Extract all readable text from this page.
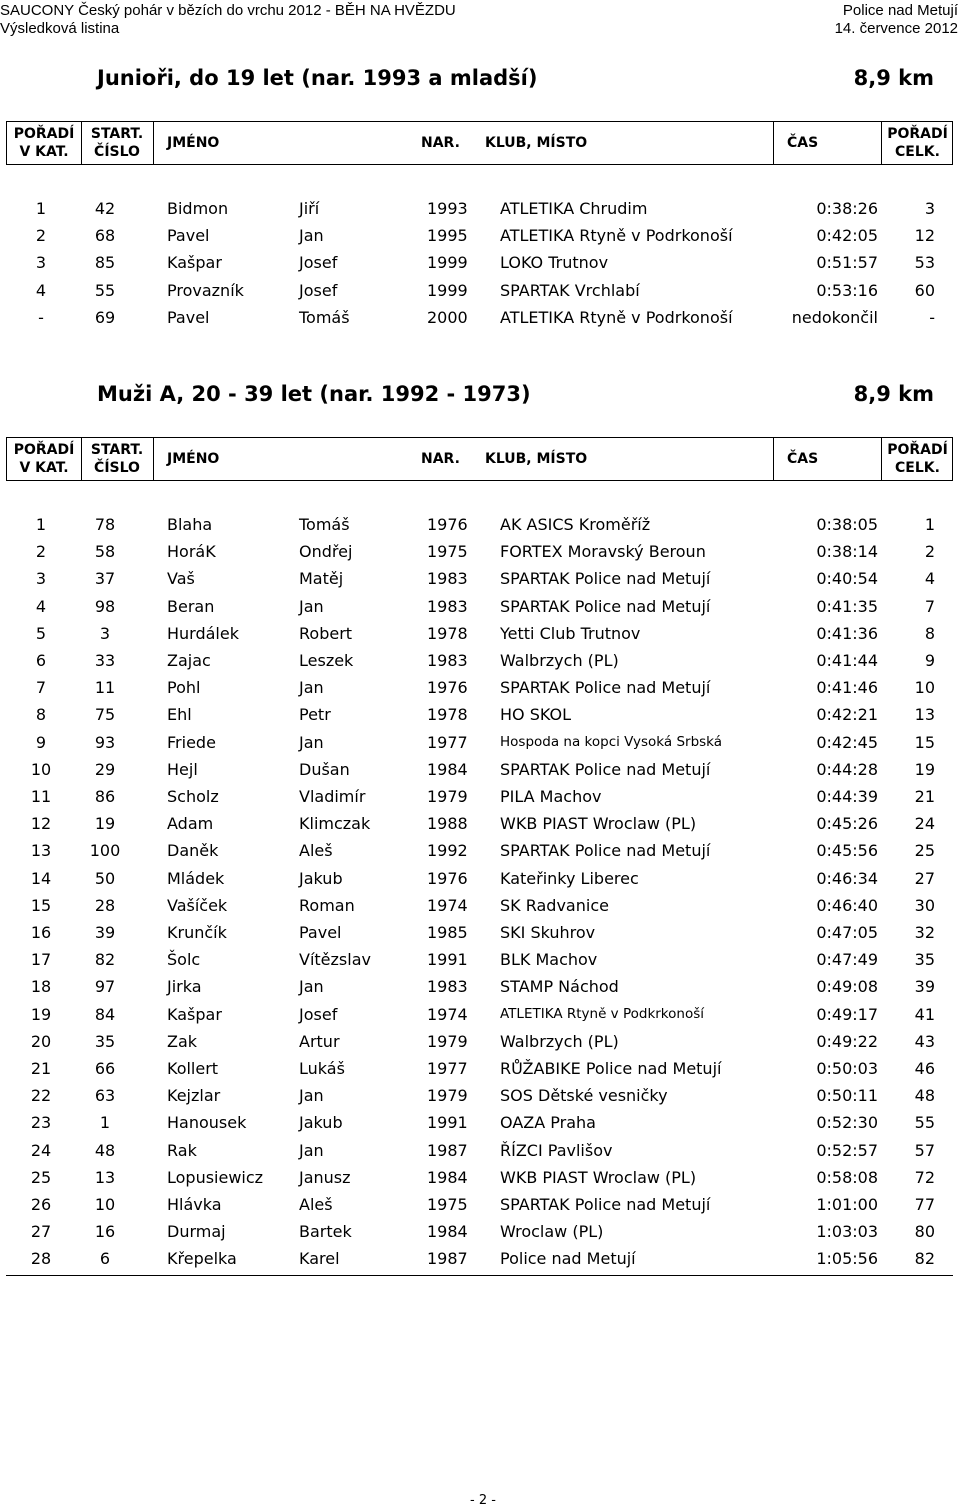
SAUCONY Český pohár v bězích do vrchu 2012 - BĚH NA HVĚZDU
Výsledková listina
Police nad Metují
14. července 2012
Junioři, do 19 let (nar. 1993 a mladší)	8,9 km
POŘADÍ
V KAT.
START.
ČÍSLO
JMÉNO	NAR.	KLUB, MÍSTO	ČAS
POŘADÍ
CELK.
1	42	Bidmon	Jiří	1993	ATLETIKA Chrudim	0:38:26	3
2	68	Pavel	Jan	1995	ATLETIKA Rtyně v Podrkonoší	0:42:05	12
3	85	Kašpar	Josef	1999	LOKO Trutnov	0:51:57	53
4	55	Provazník	Josef	1999	SPARTAK Vrchlabí	0:53:16	60
-	69	Pavel	Tomáš	2000	ATLETIKA Rtyně v Podrkonoší	nedokončil	-
Muži A, 20 - 39 let (nar. 1992 - 1973)	8,9 km
POŘADÍ
V KAT.
START.
ČÍSLO
JMÉNO	NAR.	KLUB, MÍSTO	ČAS
POŘADÍ
CELK.
1	78	Blaha	Tomáš	1976	AK ASICS Kroměříž	0:38:05	1
2	58	HoráK	Ondřej	1975	FORTEX Moravský Beroun	0:38:14	2
3	37	Vaš	Matěj	1983	SPARTAK Police nad Metují	0:40:54	4
4	98	Beran	Jan	1983	SPARTAK Police nad Metují	0:41:35	7
5	3	Hurdálek	Robert	1978	Yetti Club Trutnov	0:41:36	8
6	33	Zajac	Leszek	1983	Walbrzych (PL)	0:41:44	9
7	11	Pohl	Jan	1976	SPARTAK Police nad Metují	0:41:46	10
8	75	Ehl	Petr	1978	HO SKOL	0:42:21	13
9	93	Friede	Jan	1977	Hospoda na kopci Vysoká Srbská	0:42:45	15
10	29	Hejl	Dušan	1984	SPARTAK Police nad Metují	0:44:28	19
11	86	Scholz	Vladimír	1979	PILA Machov	0:44:39	21
12	19	Adam	Klimczak	1988	WKB PIAST Wroclaw (PL)	0:45:26	24
13	100	Daněk	Aleš	1992	SPARTAK Police nad Metují	0:45:56	25
14	50	Mládek	Jakub	1976	Kateřinky Liberec	0:46:34	27
15	28	Vašíček	Roman	1974	SK Radvanice	0:46:40	30
16	39	Krunčík	Pavel	1985	SKI Skuhrov	0:47:05	32
17	82	Šolc	Vítězslav	1991	BLK Machov	0:47:49	35
18	97	Jirka	Jan	1983	STAMP Náchod	0:49:08	39
19	84	Kašpar	Josef	1974	ATLETIKA Rtyně v Podkrkonoší	0:49:17	41
20	35	Zak	Artur	1979	Walbrzych (PL)	0:49:22	43
21	66	Kollert	Lukáš	1977	RŮŽABIKE Police nad Metují	0:50:03	46
22	63	Kejzlar	Jan	1979	SOS Dětské vesničky	0:50:11	48
23	1	Hanousek	Jakub	1991	OAZA Praha	0:52:30	55
24	48	Rak	Jan	1987	ŘÍZCI Pavlišov	0:52:57	57
25	13	Lopusiewicz	Janusz	1984	WKB PIAST Wroclaw (PL)	0:58:08	72
26	10	Hlávka	Aleš	1975	SPARTAK Police nad Metují	1:01:00	77
27	16	Durmaj	Bartek	1984	Wroclaw (PL)	1:03:03	80
28	6	Křepelka	Karel	1987	Police nad Metují	1:05:56	82
- 2 -
